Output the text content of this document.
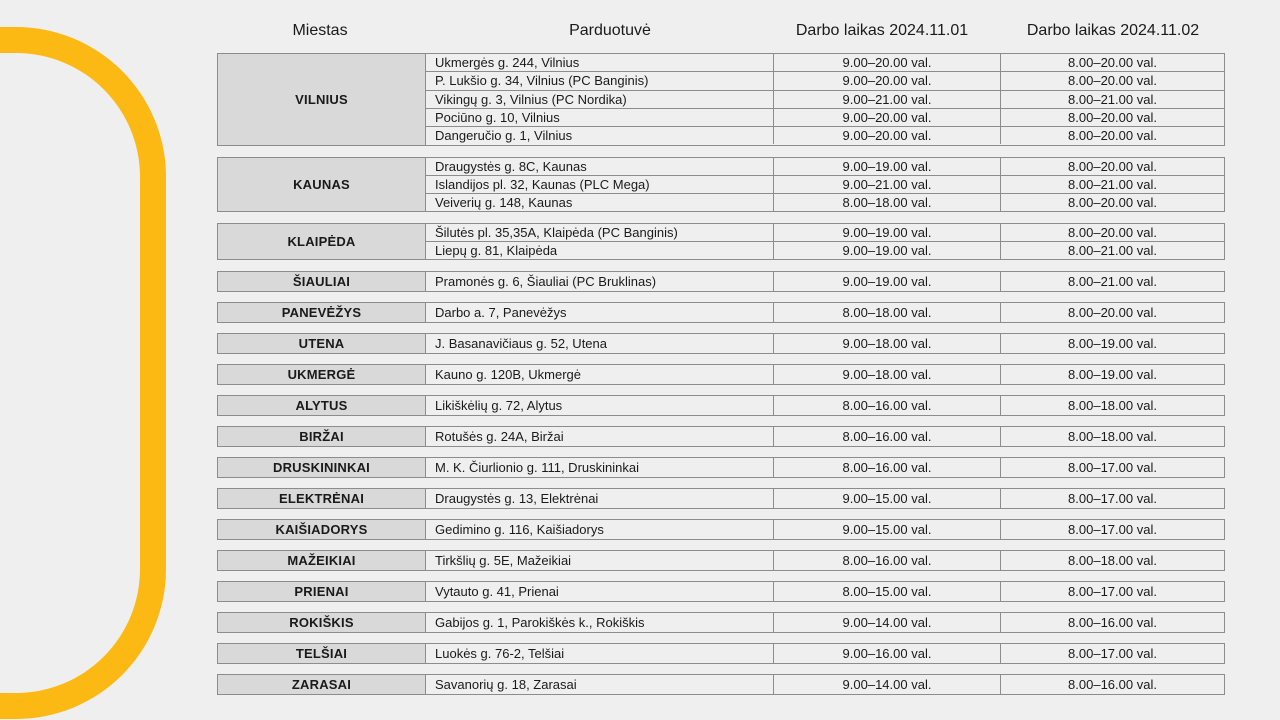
Miestas	Parduotuvė	Darbo laikas 2024.11.01	Darbo laikas 2024.11.02
VILNIUS
Ukmergės g. 244, Vilnius	9.00–20.00 val.	8.00–20.00 val.
P. Lukšio g. 34, Vilnius (PC Banginis)	9.00–20.00 val.	8.00–20.00 val.
Vikingų g. 3, Vilnius (PC Nordika)	9.00–21.00 val.	8.00–21.00 val.
Pociūno g. 10, Vilnius	9.00–20.00 val.	8.00–20.00 val.
Dangeručio g. 1, Vilnius	9.00–20.00 val.	8.00–20.00 val.
KAUNAS
Draugystės g. 8C, Kaunas	9.00–19.00 val.	8.00–20.00 val.
Islandijos pl. 32, Kaunas (PLC Mega)	9.00–21.00 val.	8.00–21.00 val.
Veiverių g. 148, Kaunas	8.00–18.00 val.	8.00–20.00 val.
KLAIPĖDA
Šilutės pl. 35,35A, Klaipėda (PC Banginis)	9.00–19.00 val.	8.00–20.00 val.
Liepų g. 81, Klaipėda	9.00–19.00 val.	8.00–21.00 val.
ŠIAULIAI	Pramonės g. 6, Šiauliai (PC Bruklinas)	9.00–19.00 val.	8.00–21.00 val.
PANEVĖŽYS	Darbo a. 7, Panevėžys	8.00–18.00 val.	8.00–20.00 val.
UTENA	J. Basanavičiaus g. 52, Utena	9.00–18.00 val.	8.00–19.00 val.
UKMERGĖ	Kauno g. 120B, Ukmergė	9.00–18.00 val.	8.00–19.00 val.
ALYTUS	Likiškėlių g. 72, Alytus	8.00–16.00 val.	8.00–18.00 val.
BIRŽAI	Rotušės g. 24A, Biržai	8.00–16.00 val.	8.00–18.00 val.
DRUSKININKAI	M. K. Čiurlionio g. 111, Druskininkai	8.00–16.00 val.	8.00–17.00 val.
ELEKTRĖNAI	Draugystės g. 13, Elektrėnai	9.00–15.00 val.	8.00–17.00 val.
KAIŠIADORYS	Gedimino g. 116, Kaišiadorys	9.00–15.00 val.	8.00–17.00 val.
MAŽEIKIAI	Tirkšlių g. 5E, Mažeikiai	8.00–16.00 val.	8.00–18.00 val.
PRIENAI	Vytauto g. 41, Prienai	8.00–15.00 val.	8.00–17.00 val.
ROKIŠKIS	Gabijos g. 1, Parokiškės k., Rokiškis	9.00–14.00 val.	8.00–16.00 val.
TELŠIAI	Luokės g. 76-2, Telšiai	9.00–16.00 val.	8.00–17.00 val.
ZARASAI	Savanorių g. 18, Zarasai	9.00–14.00 val.	8.00–16.00 val.
